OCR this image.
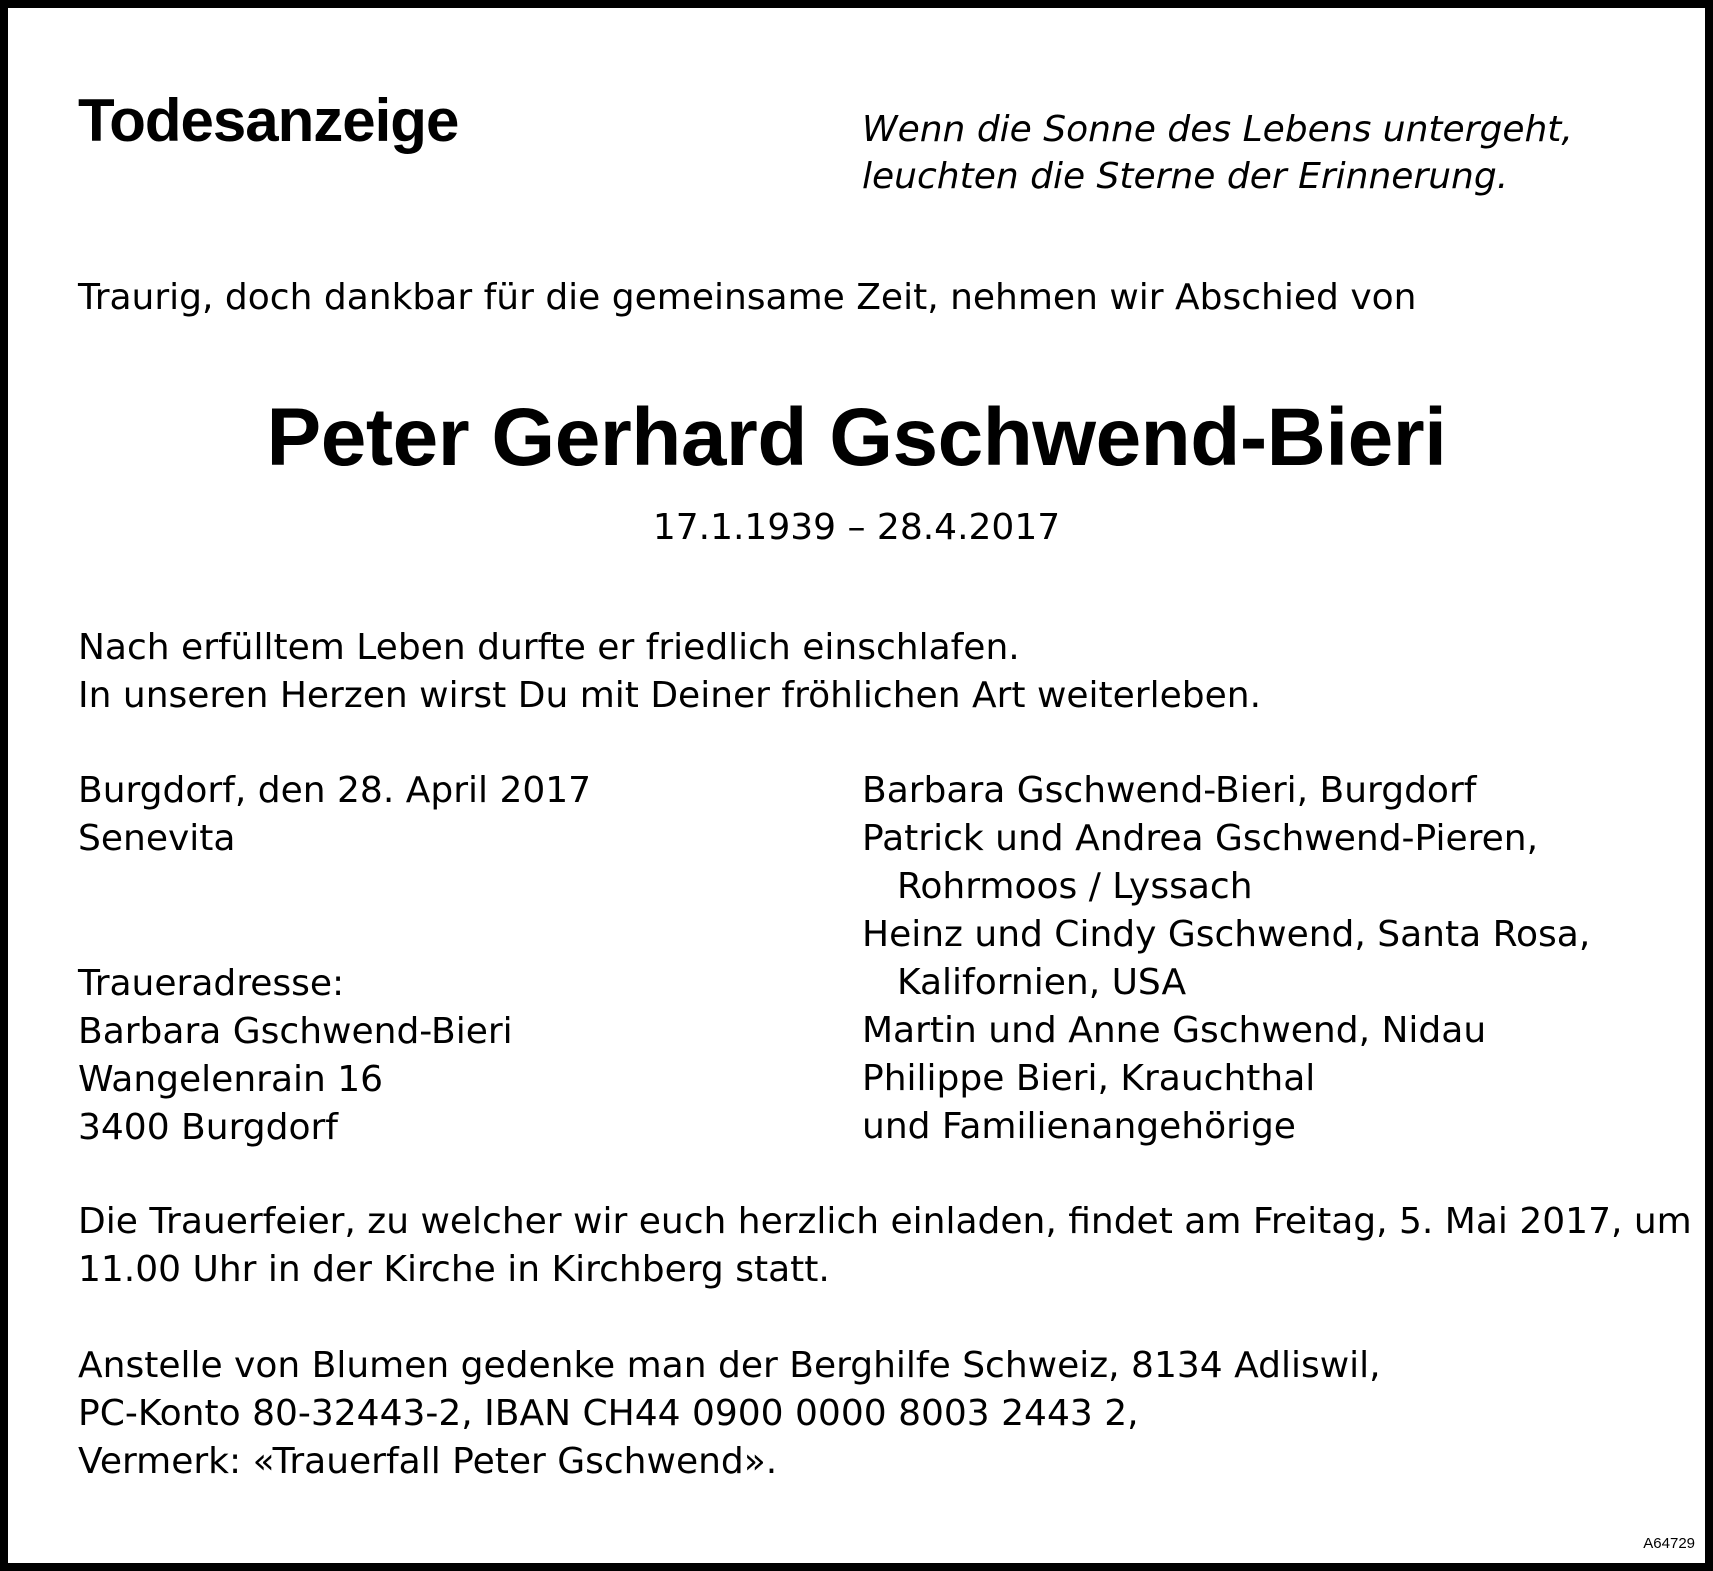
Todesanzeige	Wenn die Sonne des Lebens untergeht,
leuchten die Sterne der Erinnerung.
Traurig, doch dankbar für die gemeinsame Zeit, nehmen wir Abschied von
Peter Gerhard Gschwend-Bieri
17.1.1939 – 28.4.2017
Nach erfülltem Leben durfte er friedlich einschlafen.
In unseren Herzen wirst Du mit Deiner fröhlichen Art weiterleben.
Burgdorf, den 28. April 2017
Senevita
Traueradresse:
Barbara Gschwend-Bieri
Wangelenrain 16
3400 Burgdorf
Barbara Gschwend-Bieri, Burgdorf
Patrick und Andrea Gschwend-Pieren,
Rohrmoos / Lyssach
Heinz und Cindy Gschwend, Santa Rosa,
Kalifornien, USA
Martin und Anne Gschwend, Nidau
Philippe Bieri, Krauchthal
und Familienangehörige
Die Trauerfeier, zu welcher wir euch herzlich einladen, findet am Freitag, 5. Mai 2017, um
11.00 Uhr in der Kirche in Kirchberg statt.
Anstelle von Blumen gedenke man der Berghilfe Schweiz, 8134 Adliswil,
PC-Konto 80-32443-2, IBAN CH44 0900 0000 8003 2443 2,
Vermerk: «Trauerfall Peter Gschwend».
A64729
